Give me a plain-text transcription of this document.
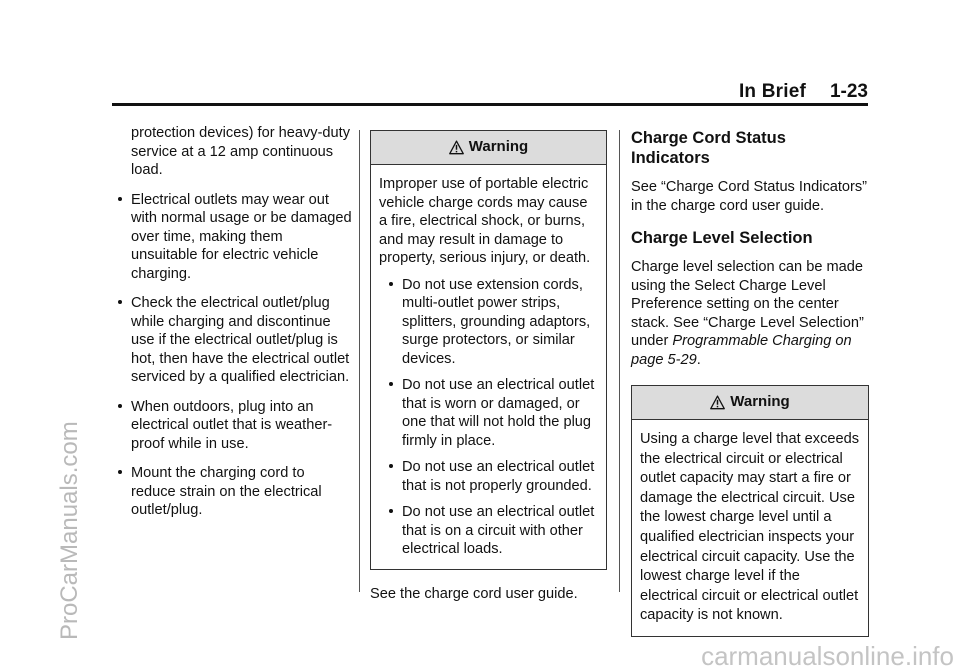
In Brief 1-23

protection devices) for heavy-duty service at a 12 amp continuous load.

Electrical outlets may wear out with normal usage or be damaged over time, making them unsuitable for electric vehicle charging.
Check the electrical outlet/plug while charging and discontinue use if the electrical outlet/plug is hot, then have the electrical outlet serviced by a qualified electrician.
When outdoors, plug into an electrical outlet that is weather-proof while in use.
Mount the charging cord to reduce strain on the electrical outlet/plug.
Warning

Improper use of portable electric vehicle charge cords may cause a fire, electrical shock, or burns, and may result in damage to property, serious injury, or death.

Do not use extension cords, multi-outlet power strips, splitters, grounding adaptors, surge protectors, or similar devices.
Do not use an electrical outlet that is worn or damaged, or one that will not hold the plug firmly in place.
Do not use an electrical outlet that is not properly grounded.
Do not use an electrical outlet that is on a circuit with other electrical loads.

See the charge cord user guide.

Charge Cord Status Indicators

See “Charge Cord Status Indicators” in the charge cord user guide.

Charge Level Selection

Charge level selection can be made using the Select Charge Level Preference setting on the center stack. See “Charge Level Selection” under Programmable Charging on page 5-29.

Warning

Using a charge level that exceeds the electrical circuit or electrical outlet capacity may start a fire or damage the electrical circuit. Use the lowest charge level until a qualified electrician inspects your electrical circuit capacity. Use the lowest charge level if the electrical circuit or electrical outlet capacity is not known.

ProCarManuals.com
carmanualsonline.info
